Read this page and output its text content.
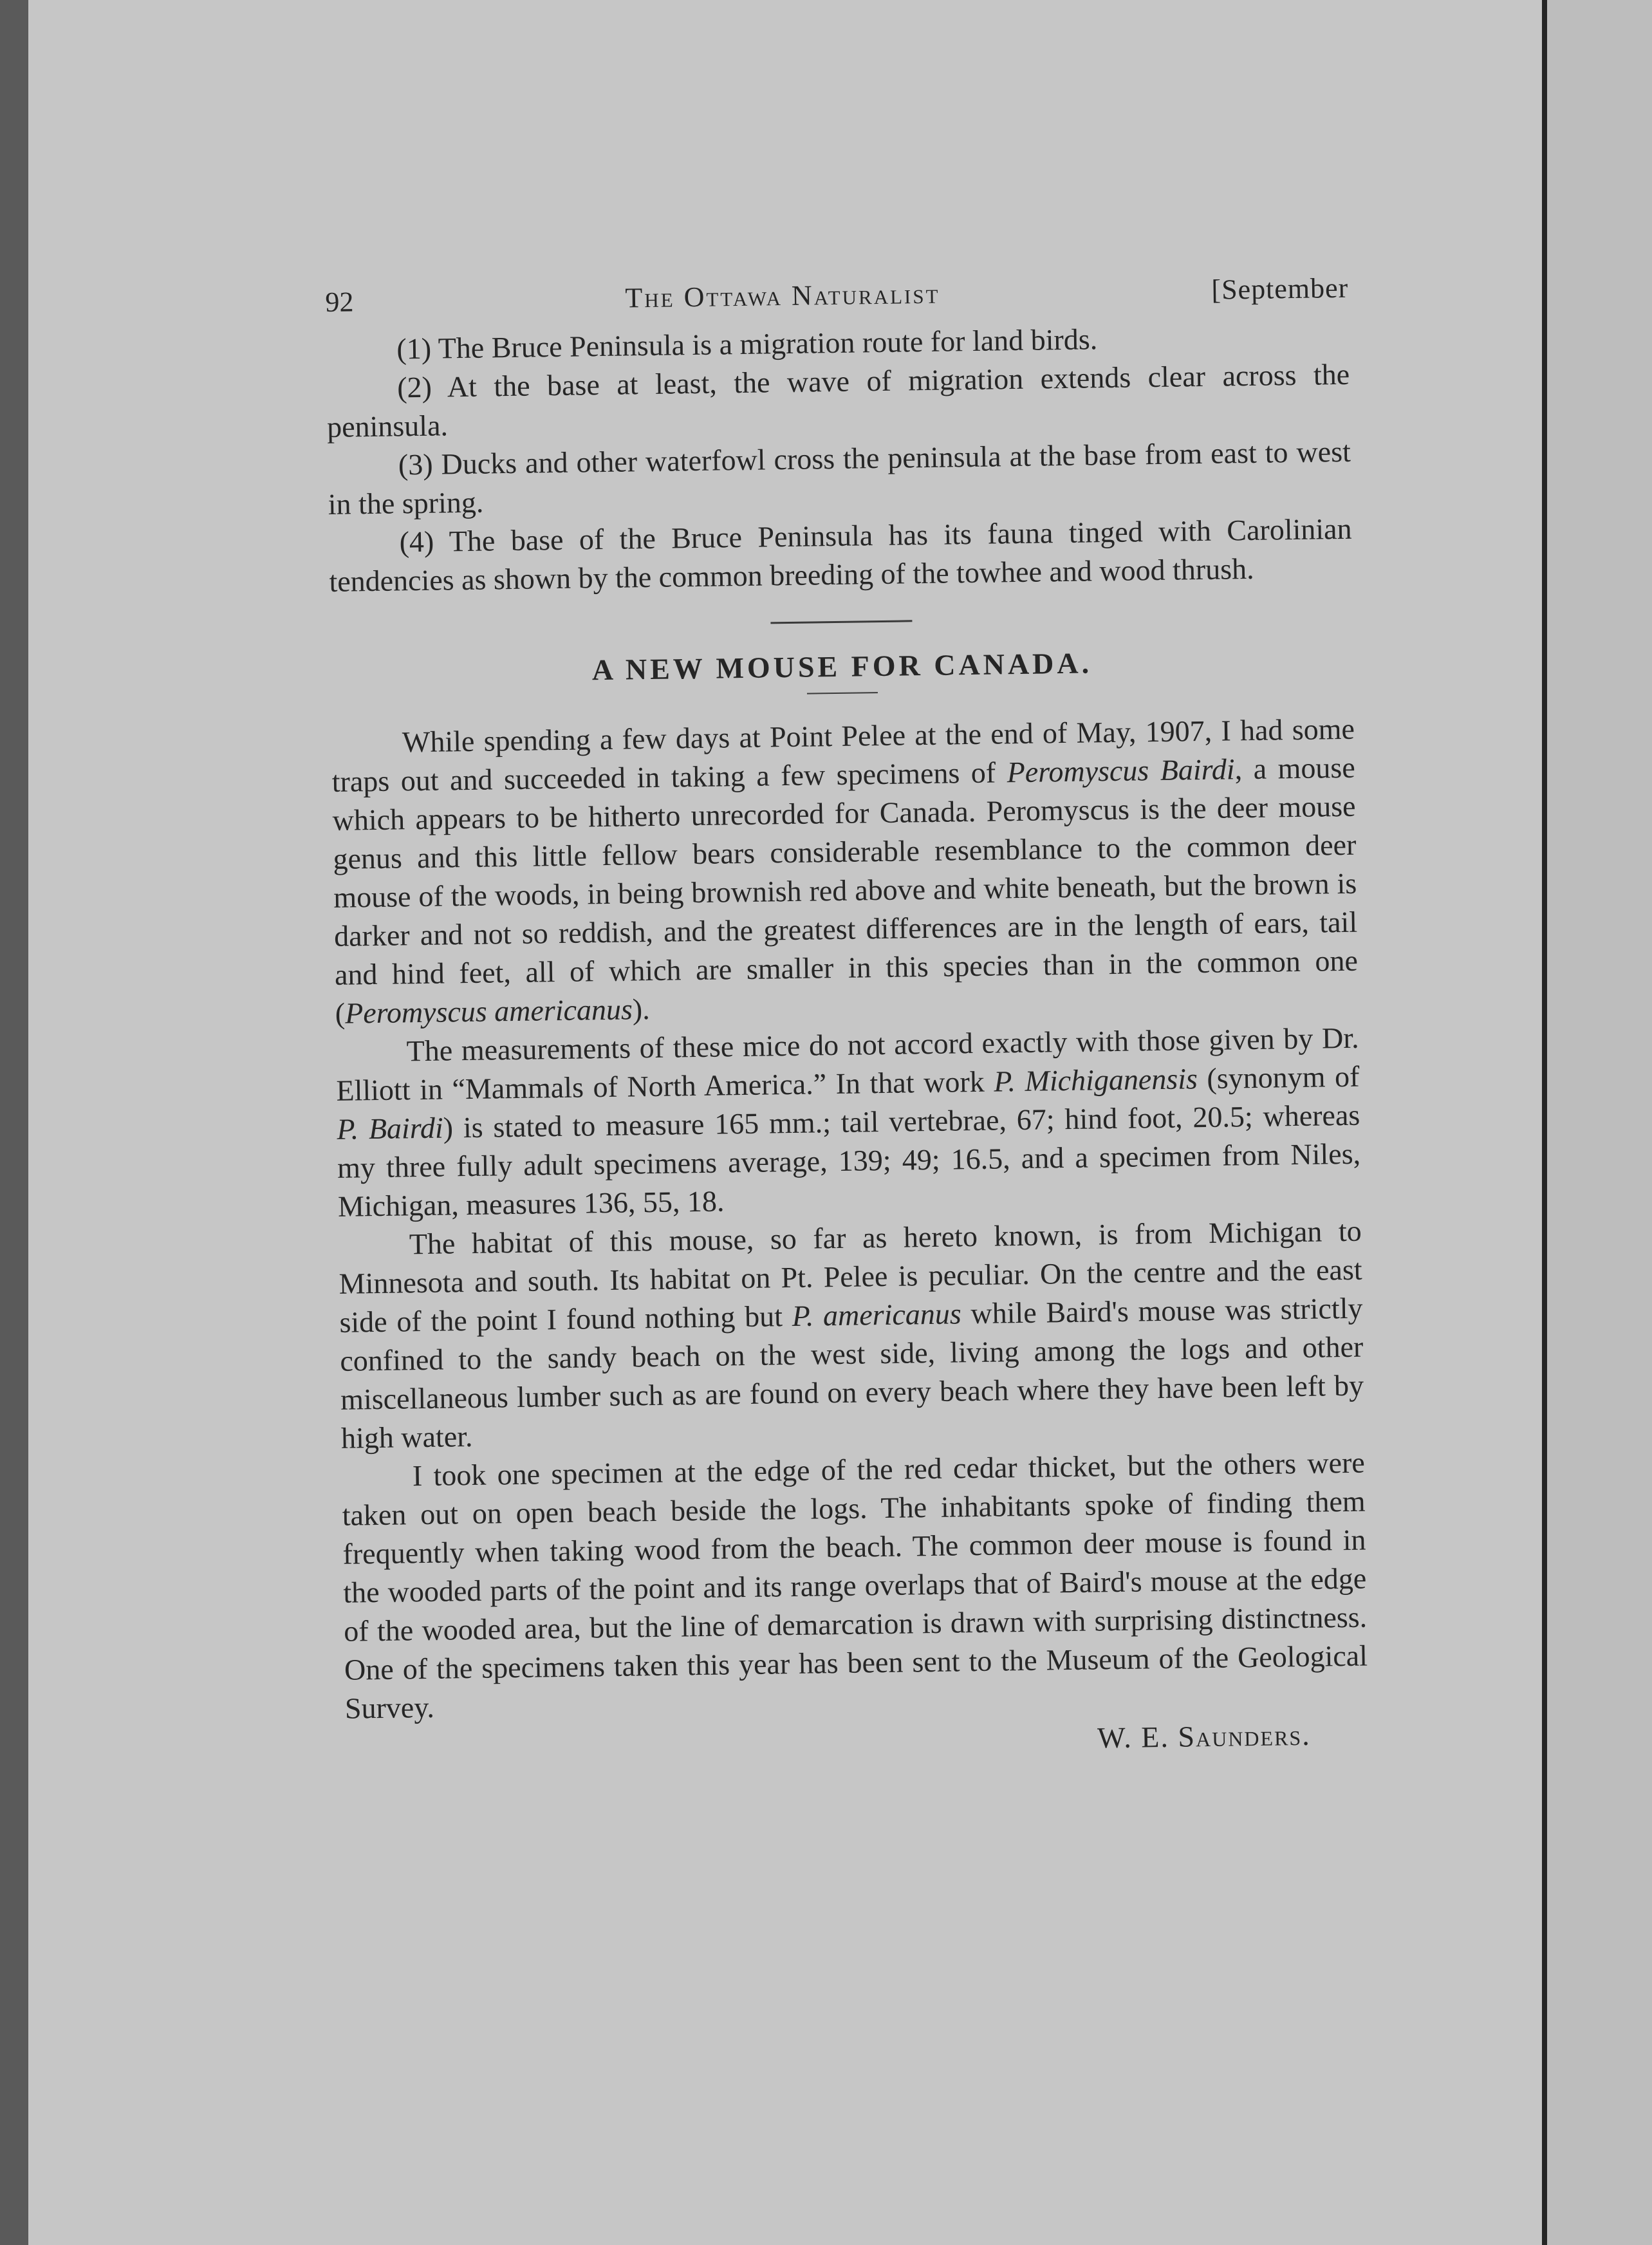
92	The Ottawa Naturalist	[September

(1) The Bruce Peninsula is a migration route for land birds.

(2) At the base at least, the wave of migration extends clear across the peninsula.

(3) Ducks and other waterfowl cross the peninsula at the base from east to west in the spring.

(4) The base of the Bruce Peninsula has its fauna tinged with Carolinian tendencies as shown by the common breeding of the towhee and wood thrush.

A NEW MOUSE FOR CANADA.

While spending a few days at Point Pelee at the end of May, 1907, I had some traps out and succeeded in taking a few specimens of Peromyscus Bairdi, a mouse which appears to be hitherto unrecorded for Canada. Peromyscus is the deer mouse genus and this little fellow bears considerable resemblance to the common deer mouse of the woods, in being brownish red above and white beneath, but the brown is darker and not so reddish, and the greatest differences are in the length of ears, tail and hind feet, all of which are smaller in this species than in the common one (Peromyscus americanus).

The measurements of these mice do not accord exactly with those given by Dr. Elliott in “Mammals of North America.” In that work P. Michiganensis (synonym of P. Bairdi) is stated to measure 165 mm.; tail vertebrae, 67; hind foot, 20.5; whereas my three fully adult specimens average, 139; 49; 16.5, and a specimen from Niles, Michigan, measures 136, 55, 18.

The habitat of this mouse, so far as hereto known, is from Michigan to Minnesota and south. Its habitat on Pt. Pelee is peculiar. On the centre and the east side of the point I found nothing but P. americanus while Baird's mouse was strictly confined to the sandy beach on the west side, living among the logs and other miscellaneous lumber such as are found on every beach where they have been left by high water.

I took one specimen at the edge of the red cedar thicket, but the others were taken out on open beach beside the logs. The inhabitants spoke of finding them frequently when taking wood from the beach. The common deer mouse is found in the wooded parts of the point and its range overlaps that of Baird's mouse at the edge of the wooded area, but the line of demarcation is drawn with surprising distinctness. One of the specimens taken this year has been sent to the Museum of the Geological Survey.

W. E. Saunders.
